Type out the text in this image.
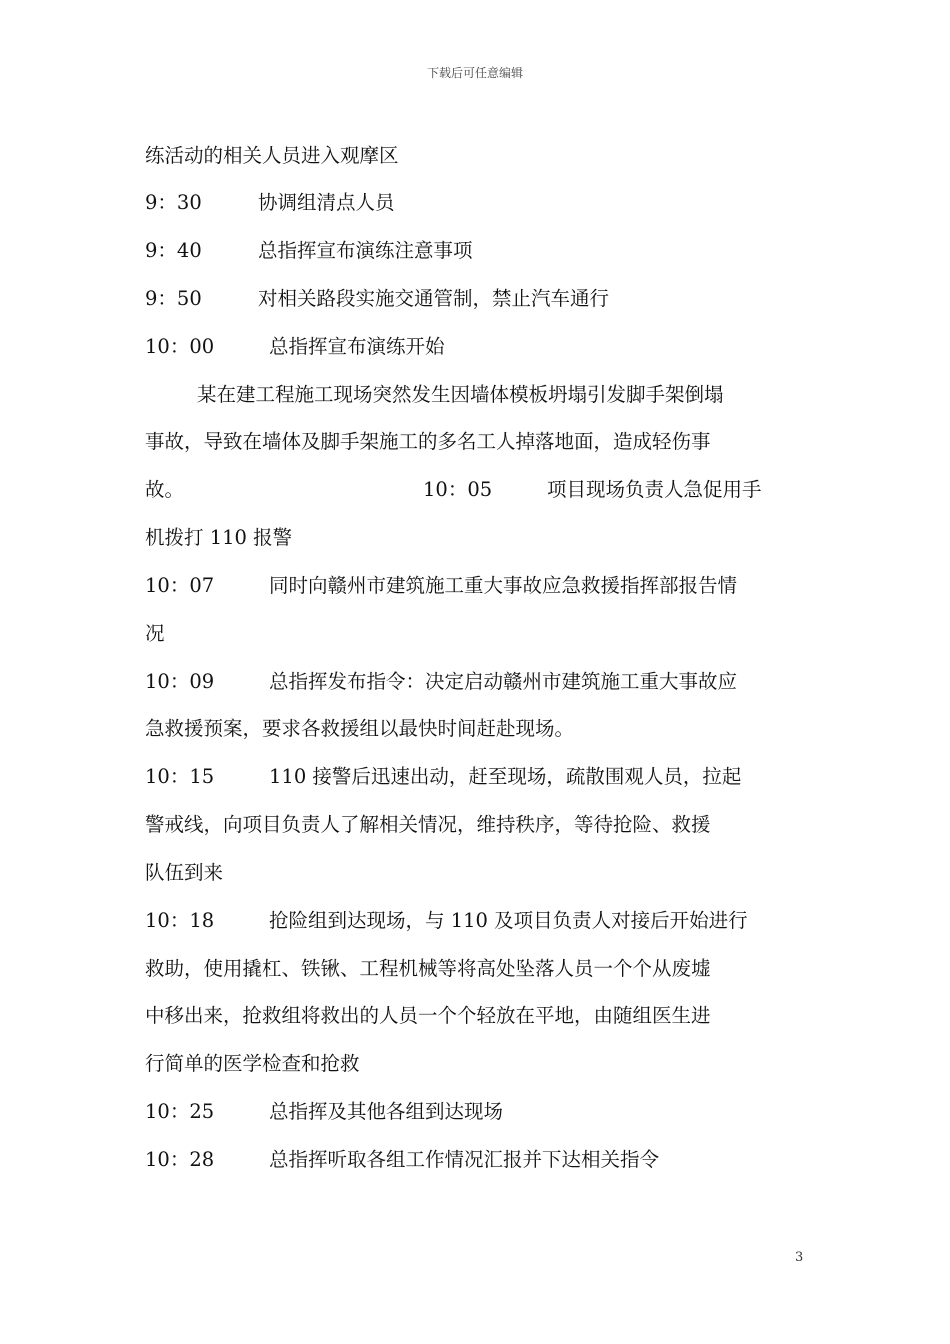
下载后可任意编辑
练活动的相关人员进入观摩区
9：30	协调组清点人员
9：40	总指挥宣布演练注意事项
9：50	对相关路段实施交通管制，禁止汽车通行
10：00	总指挥宣布演练开始
某在建工程施工现场突然发生因墙体模板坍塌引发脚手架倒塌
事故，导致在墙体及脚手架施工的多名工人掉落地面，造成轻伤事
故。	10：05	项目现场负责人急促用手
机拨打 110 报警
10：07	同时向赣州市建筑施工重大事故应急救援指挥部报告情
况
10：09	总指挥发布指令：决定启动赣州市建筑施工重大事故应
急救援预案，要求各救援组以最快时间赶赴现场。
10：15	110 接警后迅速出动，赶至现场，疏散围观人员，拉起
警戒线，向项目负责人了解相关情况，维持秩序，等待抢险、救援
队伍到来
10：18	抢险组到达现场，与 110 及项目负责人对接后开始进行
救助，使用撬杠、铁锹、工程机械等将高处坠落人员一个个从废墟
中移出来，抢救组将救出的人员一个个轻放在平地，由随组医生进
行简单的医学检查和抢救
10：25	总指挥及其他各组到达现场
10：28	总指挥听取各组工作情况汇报并下达相关指令
3
